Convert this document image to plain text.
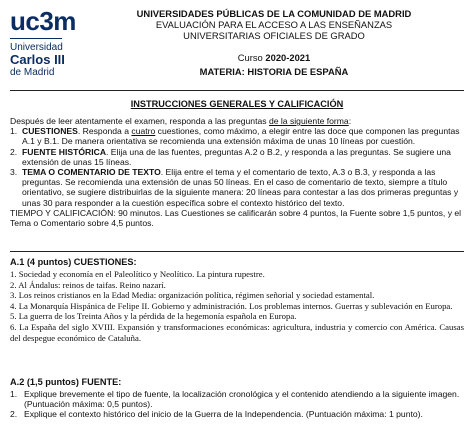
uc3m
Universidad
Carlos III
de Madrid
UNIVERSIDADES PÚBLICAS DE LA COMUNIDAD DE MADRID
EVALUACIÓN PARA EL ACCESO A LAS ENSEÑANZAS
UNIVERSITARIAS OFICIALES DE GRADO
Curso 2020-2021
MATERIA: HISTORIA DE ESPAÑA
INSTRUCCIONES GENERALES Y CALIFICACIÓN

Después de leer atentamente el examen, responda a las preguntas de la siguiente forma:

1. CUESTIONES. Responda a cuatro cuestiones, como máximo, a elegir entre las doce que componen las preguntas A.1 y B.1. De manera orientativa se recomienda una extensión máxima de unas 10 líneas por cuestión.
2. FUENTE HISTÓRICA. Elija una de las fuentes, preguntas A.2 o B.2, y responda a las preguntas. Se sugiere una extensión de unas 15 líneas.
3. TEMA O COMENTARIO DE TEXTO. Elija entre el tema y el comentario de texto, A.3 o B.3, y responda a las preguntas. Se recomienda una extensión de unas 50 líneas. En el caso de comentario de texto, siempre a título orientativo, se sugiere distribuirlas de la siguiente manera: 20 líneas para contestar a las dos primeras preguntas y unas 30 para responder a la cuestión específica sobre el contexto histórico del texto.

TIEMPO Y CALIFICACIÓN: 90 minutos. Las Cuestiones se calificarán sobre 4 puntos, la Fuente sobre 1,5 puntos, y el Tema o Comentario sobre 4,5 puntos.

A.1 (4 puntos) CUESTIONES:
1. Sociedad y economía en el Paleolítico y Neolítico. La pintura rupestre.
2. Al Ándalus: reinos de taifas. Reino nazarí.
3. Los reinos cristianos en la Edad Media: organización política, régimen señorial y sociedad estamental.
4. La Monarquía Hispánica de Felipe II. Gobierno y administración. Los problemas internos. Guerras y sublevación en Europa.
5. La guerra de los Treinta Años y la pérdida de la hegemonía española en Europa.
6. La España del siglo XVIII. Expansión y transformaciones económicas: agricultura, industria y comercio con América. Causas del despegue económico de Cataluña.
A.2 (1,5 puntos) FUENTE:
1. Explique brevemente el tipo de fuente, la localización cronológica y el contenido atendiendo a la siguiente imagen. (Puntuación máxima: 0,5 puntos).
2. Explique el contexto histórico del inicio de la Guerra de la Independencia. (Puntuación máxima: 1 punto).
